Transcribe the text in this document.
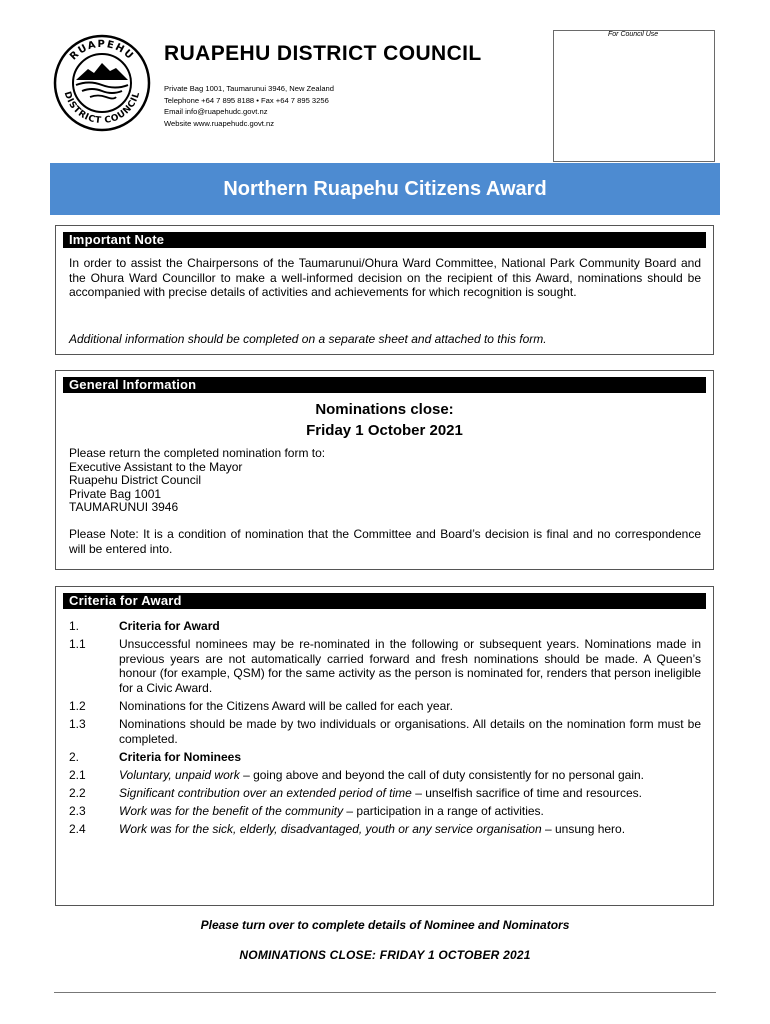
RUAPEHU
DISTRICT COUNCIL
RUAPEHU DISTRICT COUNCIL
Private Bag 1001, Taumarunui 3946, New Zealand
Telephone +64 7 895 8188 • Fax +64 7 895 3256
Email info@ruapehudc.govt.nz
Website www.ruapehudc.govt.nz
For Council Use
Northern Ruapehu Citizens Award
Important Note
In order to assist the Chairpersons of the Taumarunui/Ohura Ward Committee, National Park Community Board and the Ohura Ward Councillor to make a well-informed decision on the recipient of this Award, nominations should be accompanied with precise details of activities and achievements for which recognition is sought.
Additional information should be completed on a separate sheet and attached to this form.
General Information
Nominations close:
Friday 1 October 2021
Please return the completed nomination form to:
Executive Assistant to the Mayor
Ruapehu District Council
Private Bag 1001
TAUMARUNUI 3946
Please Note: It is a condition of nomination that the Committee and Board’s decision is final and no correspondence will be entered into.
Criteria for Award
1.	Criteria for Award
1.1	Unsuccessful nominees may be re-nominated in the following or subsequent years. Nominations made in previous years are not automatically carried forward and fresh nominations should be made. A Queen’s honour (for example, QSM) for the same activity as the person is nominated for, renders that person ineligible for a Civic Award.
1.2	Nominations for the Citizens Award will be called for each year.
1.3	Nominations should be made by two individuals or organisations. All details on the nomination form must be completed.
2.	Criteria for Nominees
2.1	Voluntary, unpaid work – going above and beyond the call of duty consistently for no personal gain.
2.2	Significant contribution over an extended period of time – unselfish sacrifice of time and resources.
2.3	Work was for the benefit of the community – participation in a range of activities.
2.4	Work was for the sick, elderly, disadvantaged, youth or any service organisation – unsung hero.
Please turn over to complete details of Nominee and Nominators
NOMINATIONS CLOSE: FRIDAY 1 OCTOBER 2021
